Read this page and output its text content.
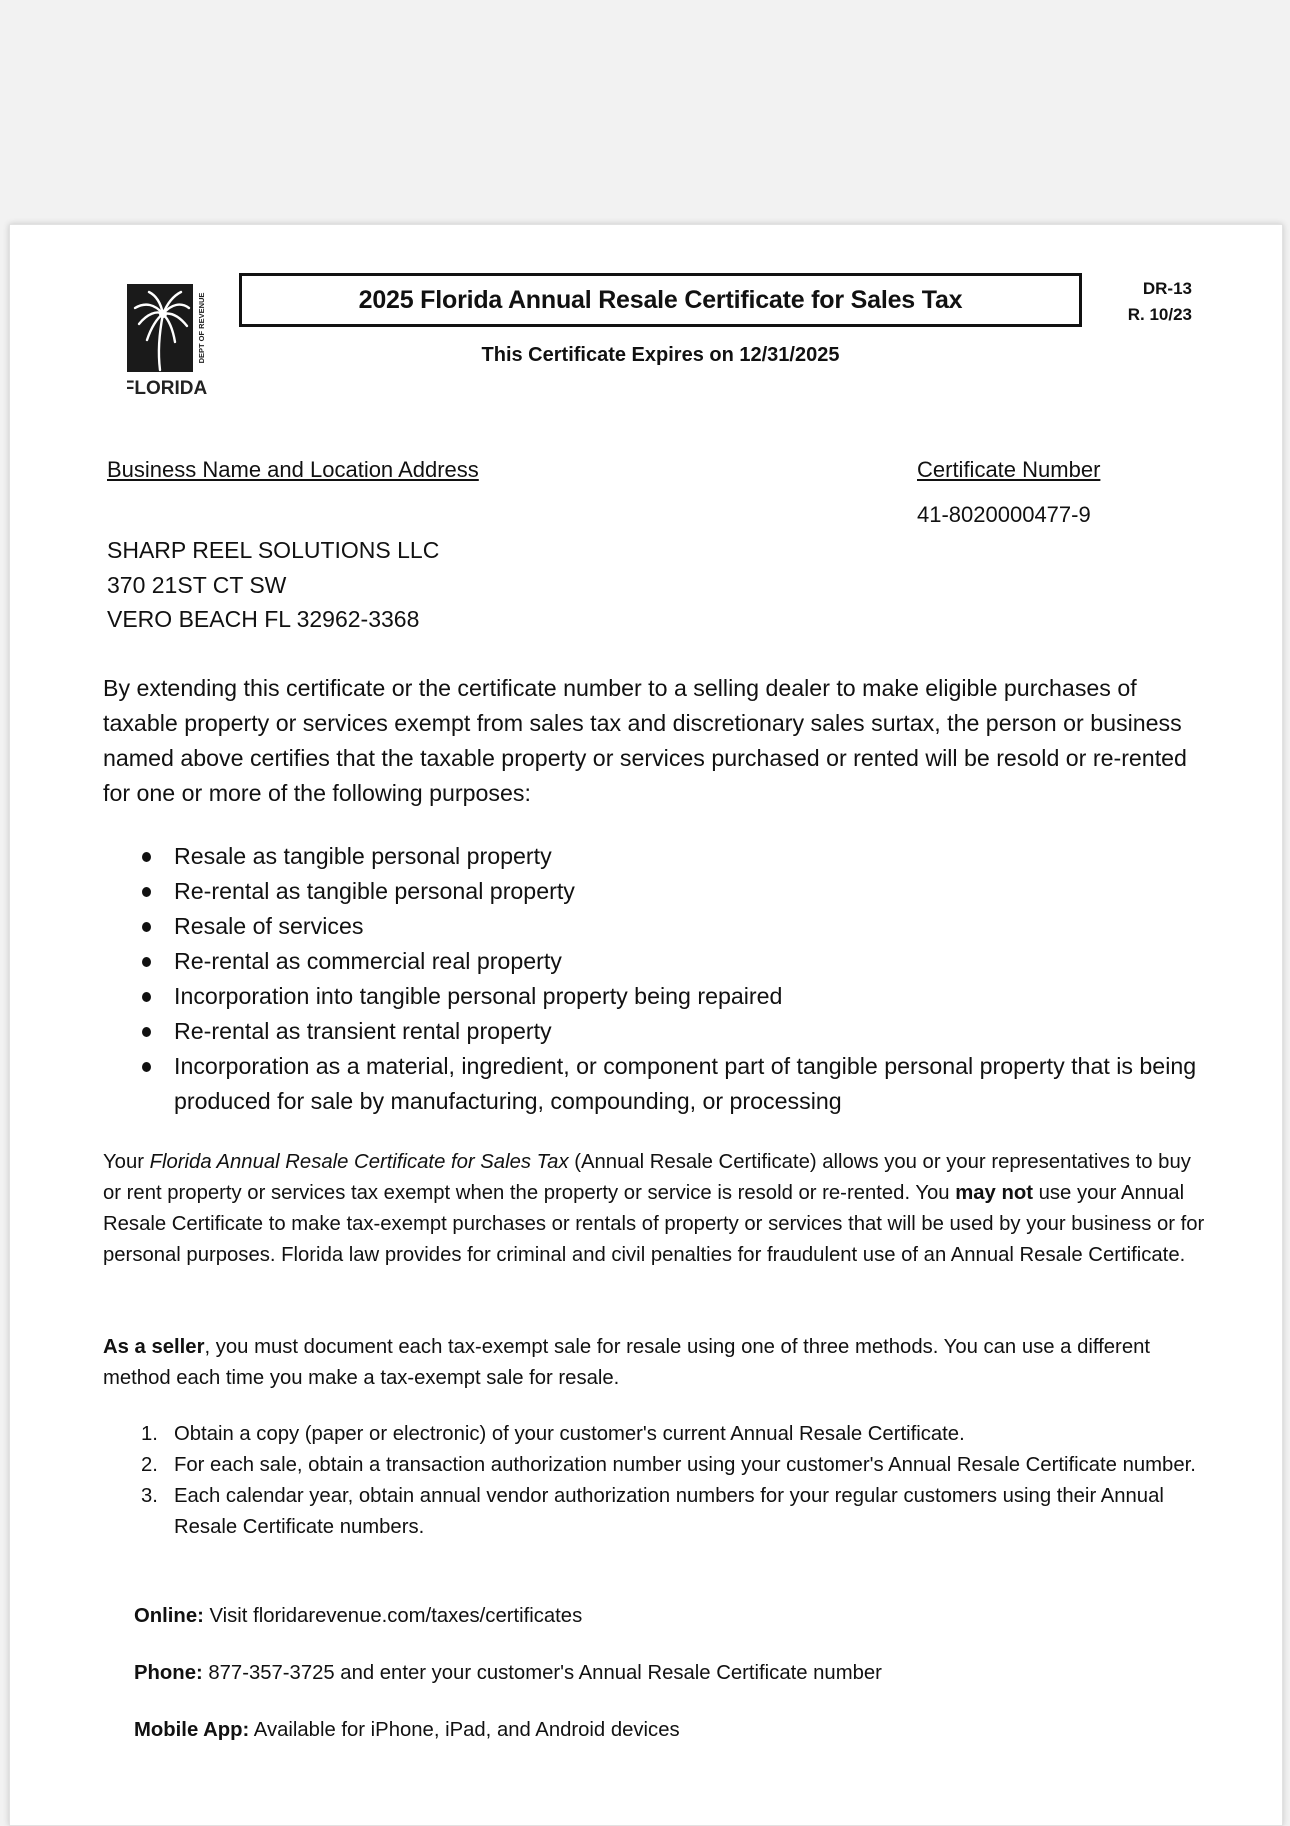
DEPT OF REVENUE
FLORIDA
2025 Florida Annual Resale Certificate for Sales Tax
This Certificate Expires on 12/31/2025
DR-13
R. 10/23
Business Name and Location Address	Certificate Number
41-8020000477-9
SHARP REEL SOLUTIONS LLC
370 21ST CT SW
VERO BEACH FL 32962-3368
By extending this certificate or the certificate number to a selling dealer to make eligible purchases of taxable property or services exempt from sales tax and discretionary sales surtax, the person or business named above certifies that the taxable property or services purchased or rented will be resold or re-rented for one or more of the following purposes:
Resale as tangible personal property
Re-rental as tangible personal property
Resale of services
Re-rental as commercial real property
Incorporation into tangible personal property being repaired
Re-rental as transient rental property
Incorporation as a material, ingredient, or component part of tangible personal property that is being produced for sale by manufacturing, compounding, or processing
Your Florida Annual Resale Certificate for Sales Tax (Annual Resale Certificate) allows you or your representatives to buy or rent property or services tax exempt when the property or service is resold or re-rented. You may not use your Annual Resale Certificate to make tax-exempt purchases or rentals of property or services that will be used by your business or for personal purposes. Florida law provides for criminal and civil penalties for fraudulent use of an Annual Resale Certificate.
As a seller, you must document each tax-exempt sale for resale using one of three methods. You can use a different method each time you make a tax-exempt sale for resale.
1. Obtain a copy (paper or electronic) of your customer's current Annual Resale Certificate.
2. For each sale, obtain a transaction authorization number using your customer's Annual Resale Certificate number.
3. Each calendar year, obtain annual vendor authorization numbers for your regular customers using their Annual Resale Certificate numbers.
Online: Visit floridarevenue.com/taxes/certificates
Phone: 877-357-3725 and enter your customer's Annual Resale Certificate number
Mobile App: Available for iPhone, iPad, and Android devices
